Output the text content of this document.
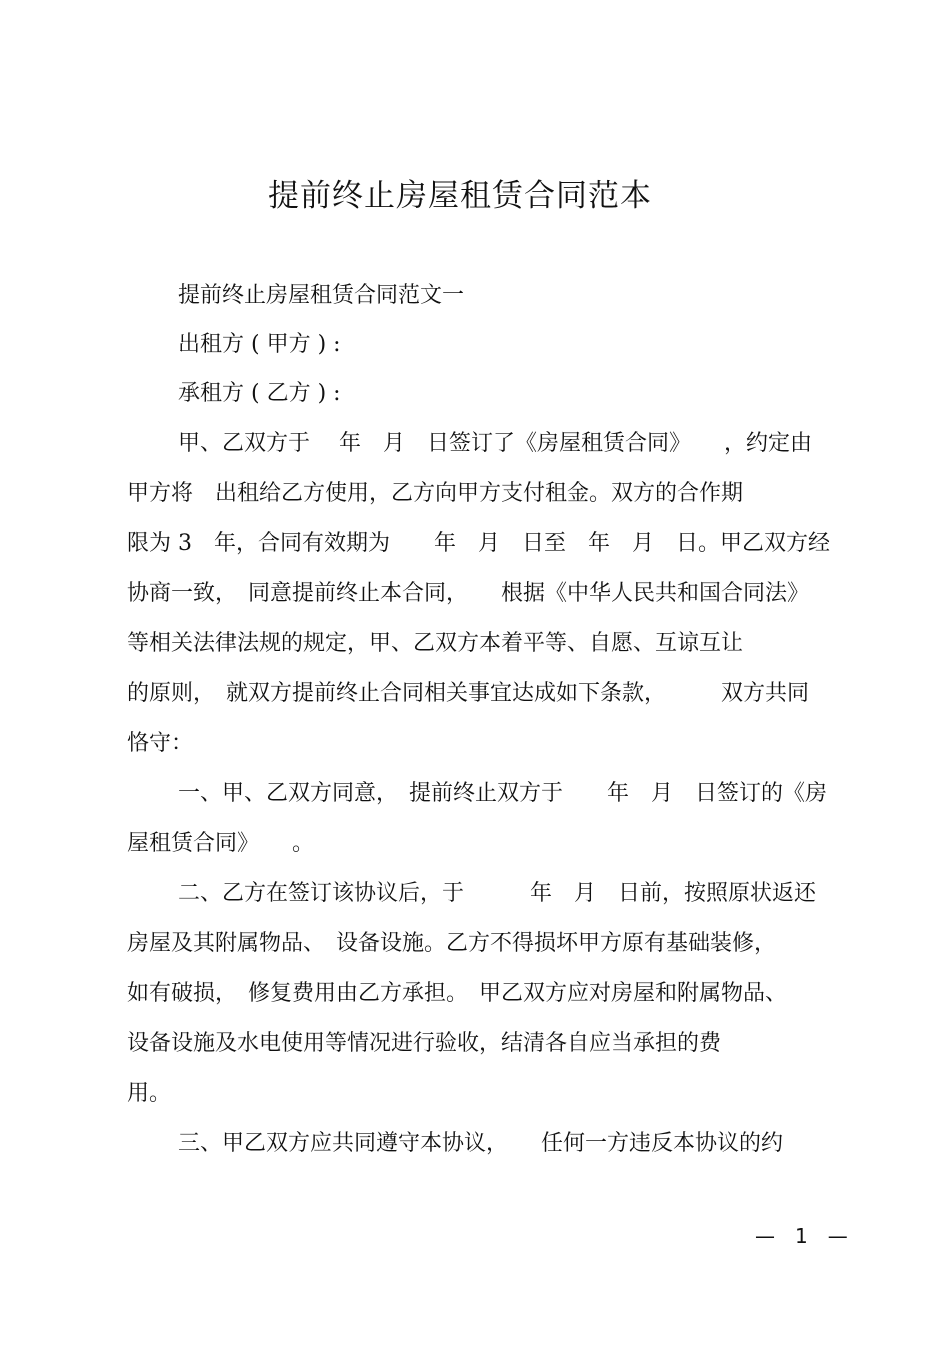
提前终止房屋租赁合同范本
提前终止房屋租赁合同范文一
出租方 ( 甲方 ) :
承租方 ( 乙方 ) :
甲、乙双方于　 年　月　日签订了《房屋租赁合同》　　，约定由
甲方将　出租给乙方使用，乙方向甲方支付租金。双方的合作期
限为 3　年，合同有效期为　　年　月　日至　年　月　日。甲乙双方经
协商一致，　同意提前终止本合同，　　根据《中华人民共和国合同法》
等相关法律法规的规定，甲、乙双方本着平等、自愿、互谅互让
的原则，　就双方提前终止合同相关事宜达成如下条款，　　　双方共同
恪守：
一、甲、乙双方同意，　提前终止双方于　　年　月　日签订的《房
屋租赁合同》　　。
二、乙方在签订该协议后，于　　　年　月　日前，按照原状返还
房屋及其附属物品、　设备设施。乙方不得损坏甲方原有基础装修，
如有破损，　修复费用由乙方承担。　甲乙双方应对房屋和附属物品、
设备设施及水电使用等情况进行验收，结清各自应当承担的费
用。
三、甲乙双方应共同遵守本协议，　　任何一方违反本协议的约
—　1　—
